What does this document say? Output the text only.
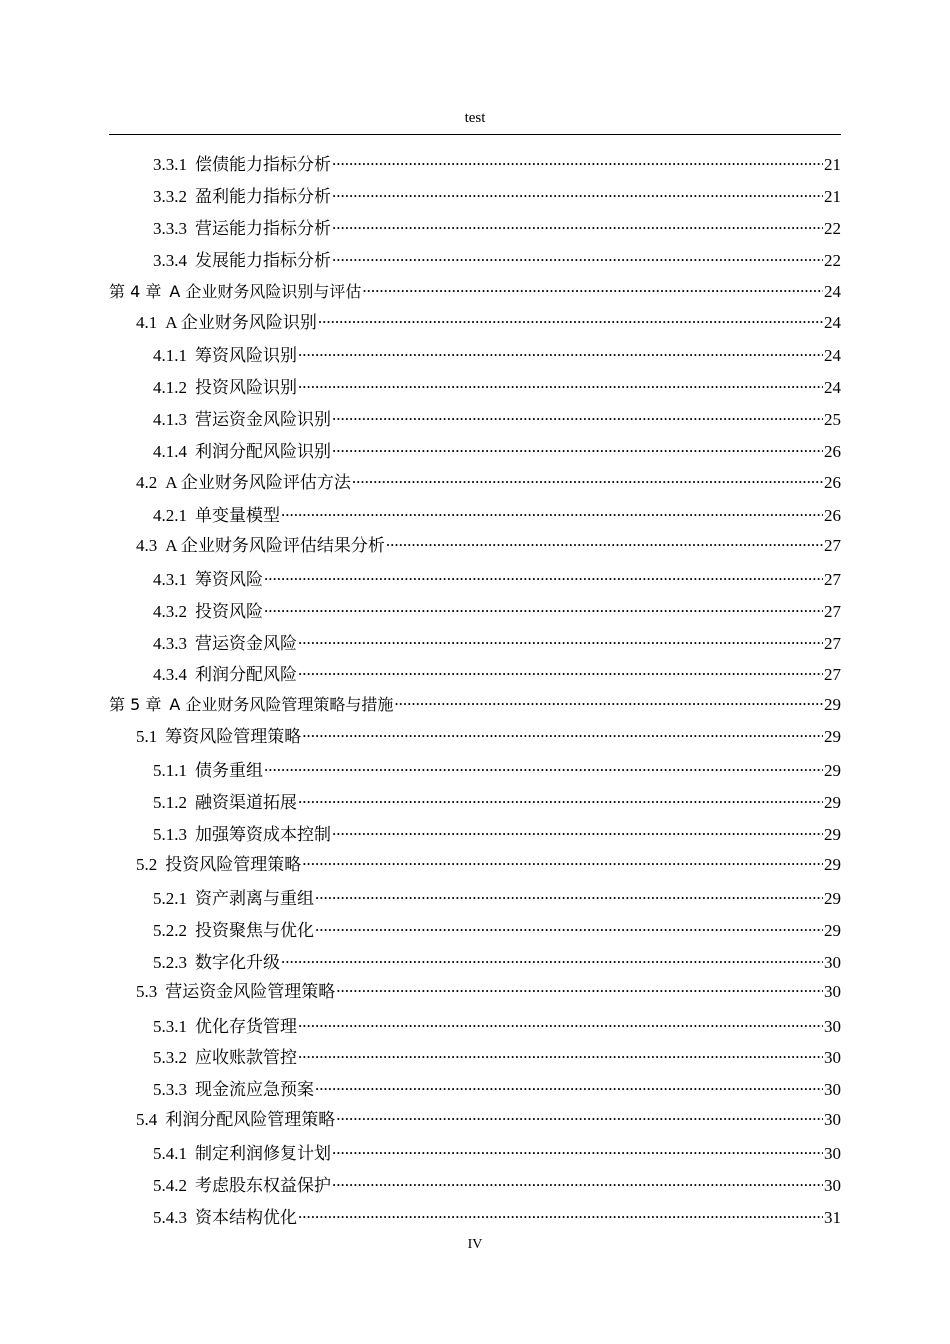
test
3.3.1 偿债能力指标分析 .....	21
3.3.2 盈利能力指标分析 .....	21
3.3.3 营运能力指标分析 .....	22
3.3.4 发展能力指标分析 .....	22
第 4 章 A 企业财务风险识别与评估 .....	24
4.1 A 企业财务风险识别 .....	24
4.1.1 筹资风险识别 .....	24
4.1.2 投资风险识别 .....	24
4.1.3 营运资金风险识别 .....	25
4.1.4 利润分配风险识别 .....	26
4.2 A 企业财务风险评估方法 .....	26
4.2.1 单变量模型 .....	26
4.3 A 企业财务风险评估结果分析 .....	27
4.3.1 筹资风险 .....	27
4.3.2 投资风险 .....	27
4.3.3 营运资金风险 .....	27
4.3.4 利润分配风险 .....	27
第 5 章 A 企业财务风险管理策略与措施 .....	29
5.1 筹资风险管理策略 .....	29
5.1.1 债务重组 .....	29
5.1.2 融资渠道拓展 .....	29
5.1.3 加强筹资成本控制 .....	29
5.2 投资风险管理策略 .....	29
5.2.1 资产剥离与重组 .....	29
5.2.2 投资聚焦与优化 .....	29
5.2.3 数字化升级 .....	30
5.3 营运资金风险管理策略 .....	30
5.3.1 优化存货管理 .....	30
5.3.2 应收账款管控 .....	30
5.3.3 现金流应急预案 .....	30
5.4 利润分配风险管理策略 .....	30
5.4.1 制定利润修复计划 .....	30
5.4.2 考虑股东权益保护 .....	30
5.4.3 资本结构优化 .....	31
IV
